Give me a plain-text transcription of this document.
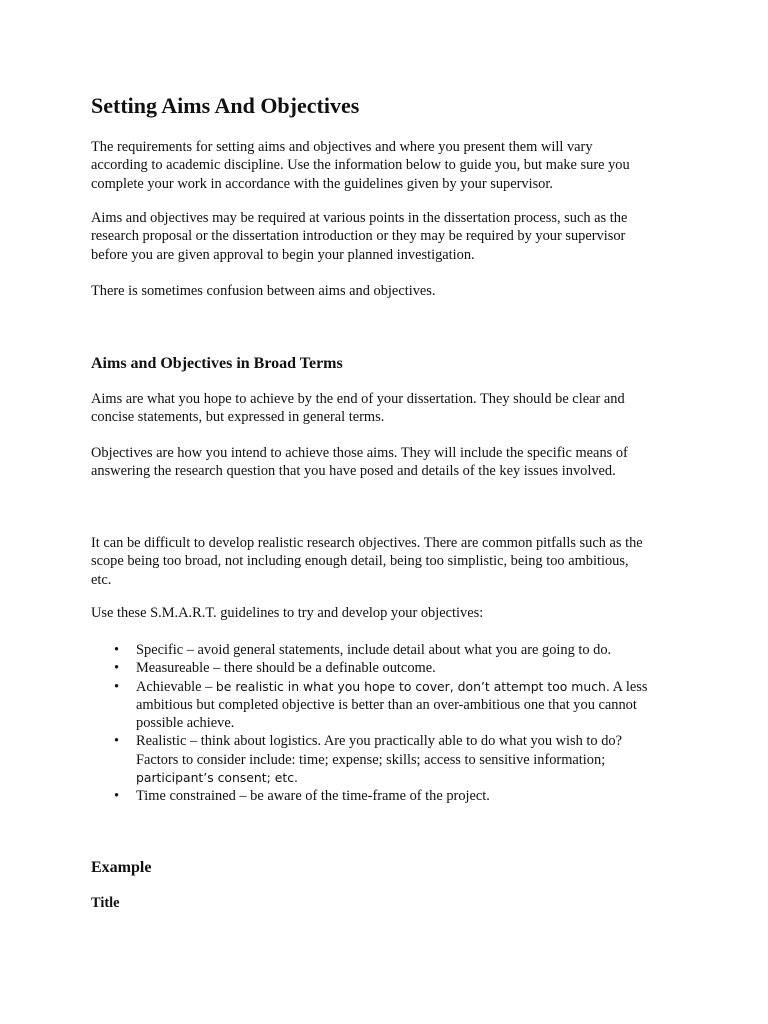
Setting Aims And Objectives

The requirements for setting aims and objectives and where you present them will vary
according to academic discipline. Use the information below to guide you, but make sure you
complete your work in accordance with the guidelines given by your supervisor.

Aims and objectives may be required at various points in the dissertation process, such as the
research proposal or the dissertation introduction or they may be required by your supervisor
before you are given approval to begin your planned investigation.

There is sometimes confusion between aims and objectives.

Aims and Objectives in Broad Terms

Aims are what you hope to achieve by the end of your dissertation. They should be clear and
concise statements, but expressed in general terms.

Objectives are how you intend to achieve those aims. They will include the specific means of
answering the research question that you have posed and details of the key issues involved.

It can be difficult to develop realistic research objectives. There are common pitfalls such as the
scope being too broad, not including enough detail, being too simplistic, being too ambitious,
etc.

Use these S.M.A.R.T. guidelines to try and develop your objectives:

• Specific – avoid general statements, include detail about what you are going to do.
• Measureable – there should be a definable outcome.
• Achievable – be realistic in what you hope to cover, don’t attempt too much. A less
ambitious but completed objective is better than an over-ambitious one that you cannot
possible achieve.
• Realistic – think about logistics. Are you practically able to do what you wish to do?
Factors to consider include: time; expense; skills; access to sensitive information;
participant’s consent; etc.
• Time constrained – be aware of the time-frame of the project.
Example
Title
